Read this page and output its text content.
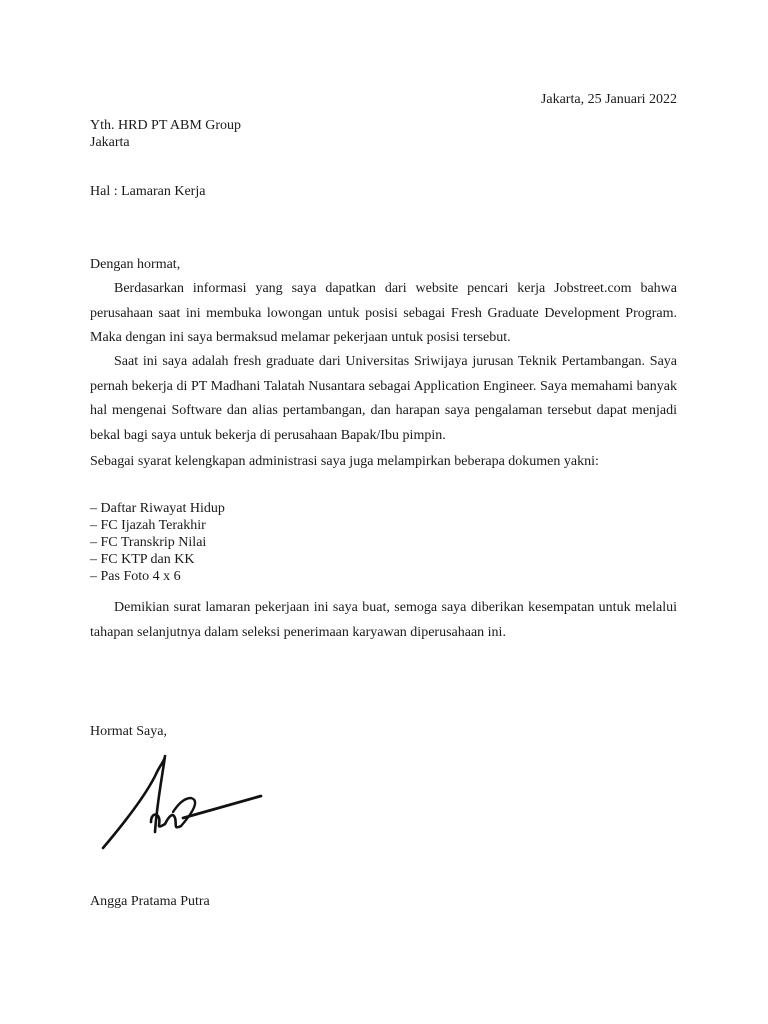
Jakarta, 25 Januari 2022
Yth. HRD PT ABM Group
Jakarta
Hal : Lamaran Kerja
Dengan hormat,

Berdasarkan informasi yang saya dapatkan dari website pencari kerja Jobstreet.com bahwa perusahaan saat ini membuka lowongan untuk posisi sebagai Fresh Graduate Development Program. Maka dengan ini saya bermaksud melamar pekerjaan untuk posisi tersebut.

Saat ini saya adalah fresh graduate dari Universitas Sriwijaya jurusan Teknik Pertambangan. Saya pernah bekerja di PT Madhani Talatah Nusantara sebagai Application Engineer. Saya memahami banyak hal mengenai Software dan alias pertambangan, dan harapan saya pengalaman tersebut dapat menjadi bekal bagi saya untuk bekerja di perusahaan Bapak/Ibu pimpin.

Sebagai syarat kelengkapan administrasi saya juga melampirkan beberapa dokumen yakni:
– Daftar Riwayat Hidup
– FC Ijazah Terakhir
– FC Transkrip Nilai
– FC KTP dan KK
– Pas Foto 4 x 6

Demikian surat lamaran pekerjaan ini saya buat, semoga saya diberikan kesempatan untuk melalui tahapan selanjutnya dalam seleksi penerimaan karyawan diperusahaan ini.

Hormat Saya,
Angga Pratama Putra
